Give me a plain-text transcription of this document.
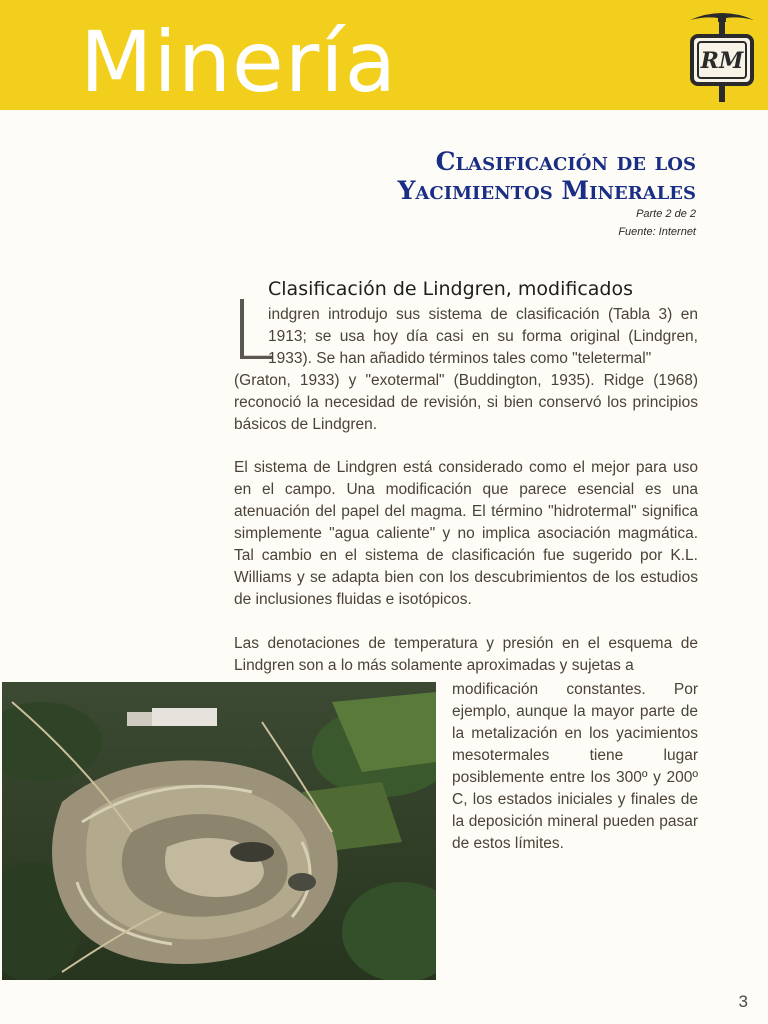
Minería	RM
Clasificación de los
Yacimientos Minerales
Parte 2 de 2
Fuente: Internet
Clasificación de Lindgren, modificados
L
indgren introdujo sus sistema de clasificación (Tabla 3) en 1913; se usa hoy día casi en su forma original (Lindgren, 1933). Se han añadido términos tales como "teletermal"
(Graton, 1933) y "exotermal" (Buddington, 1935). Ridge (1968) reconoció la necesidad de revisión, si bien conservó los principios básicos de Lindgren.
El sistema de Lindgren está considerado como el mejor para uso en el campo. Una modificación que parece esencial es una atenuación del papel del magma. El término "hidrotermal" significa simplemente "agua caliente" y no implica asociación magmática. Tal cambio en el sistema de clasificación fue sugerido por K.L. Williams y se adapta bien con los descubrimientos de los estudios de inclusiones fluidas e isotópicos.
Las denotaciones de temperatura y presión en el esquema de Lindgren son a lo más solamente aproximadas y sujetas a
modificación constantes. Por ejemplo, aunque la mayor parte de la metalización en los yacimientos mesotermales tiene lugar posiblemente entre los 300º y 200º C, los estados iniciales y finales de la deposición mineral pueden pasar de estos límites.
3
